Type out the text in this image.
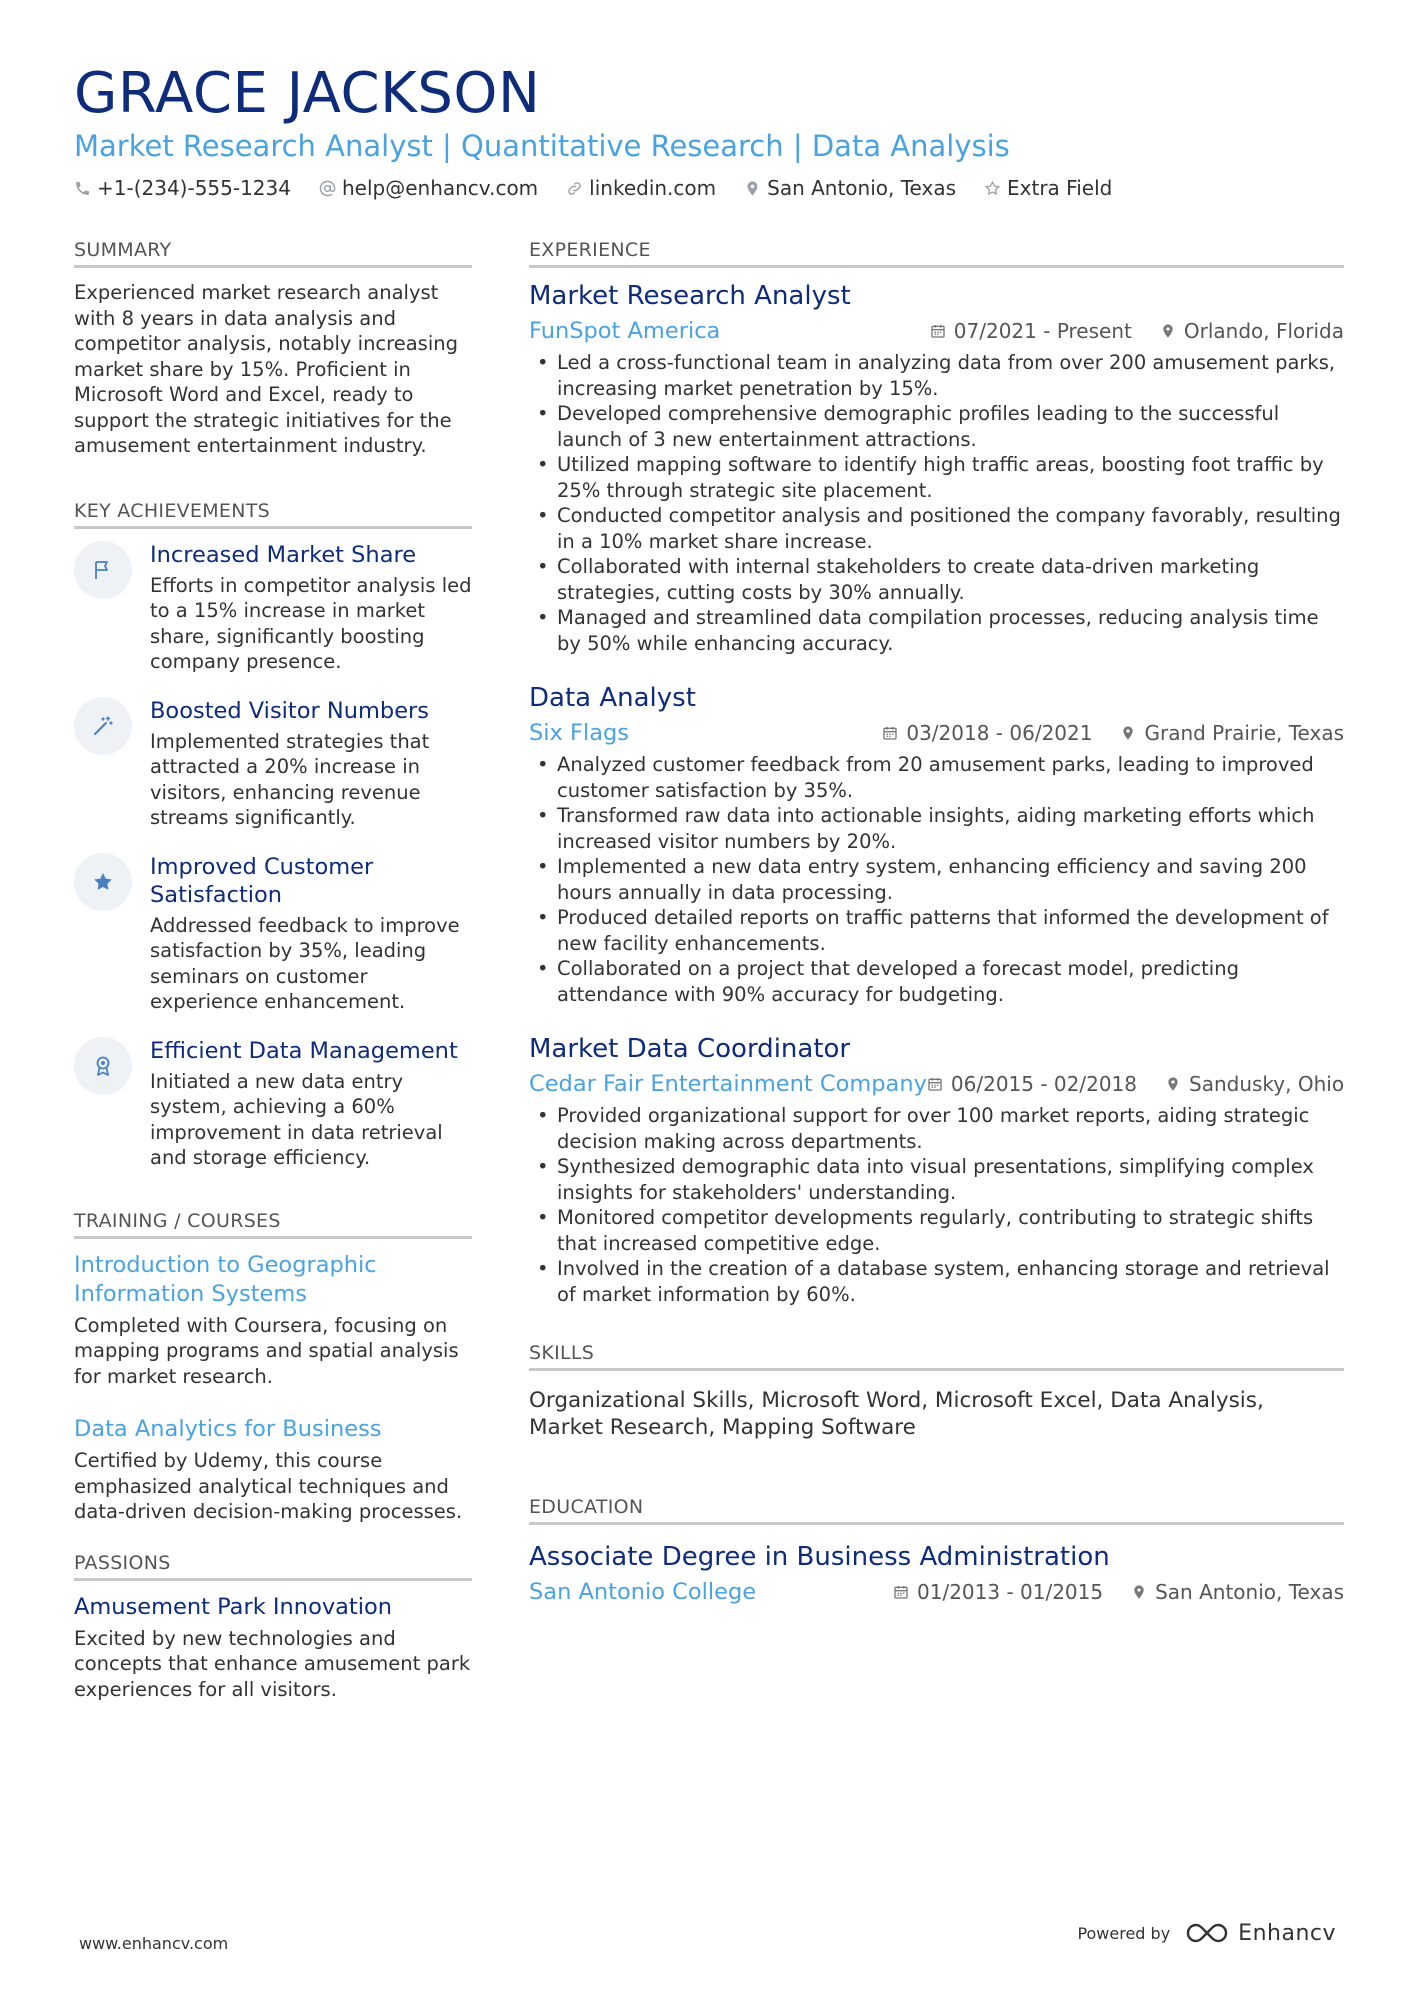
GRACE JACKSON
Market Research Analyst | Quantitative Research | Data Analysis
+1-(234)-555-1234	help@enhancv.com	linkedin.com	San Antonio, Texas	Extra Field
SUMMARY
Experienced market research analyst with 8 years in data analysis and competitor analysis, notably increasing market share by 15%. Proficient in Microsoft Word and Excel, ready to support the strategic initiatives for the amusement entertainment industry.
KEY ACHIEVEMENTS
Increased Market Share
Efforts in competitor analysis led to a 15% increase in market share, significantly boosting company presence.
Boosted Visitor Numbers
Implemented strategies that attracted a 20% increase in visitors, enhancing revenue streams significantly.
Improved Customer Satisfaction
Addressed feedback to improve satisfaction by 35%, leading seminars on customer experience enhancement.
Efficient Data Management
Initiated a new data entry system, achieving a 60% improvement in data retrieval and storage efficiency.
TRAINING / COURSES
Introduction to Geographic Information Systems
Completed with Coursera, focusing on mapping programs and spatial analysis for market research.
Data Analytics for Business
Certified by Udemy, this course emphasized analytical techniques and data-driven decision-making processes.
PASSIONS
Amusement Park Innovation
Excited by new technologies and concepts that enhance amusement park experiences for all visitors.
EXPERIENCE
Market Research Analyst
FunSpot America	07/2021 - Present	Orlando, Florida
• Led a cross-functional team in analyzing data from over 200 amusement parks, increasing market penetration by 15%.
• Developed comprehensive demographic profiles leading to the successful launch of 3 new entertainment attractions.
• Utilized mapping software to identify high traffic areas, boosting foot traffic by 25% through strategic site placement.
• Conducted competitor analysis and positioned the company favorably, resulting in a 10% market share increase.
• Collaborated with internal stakeholders to create data-driven marketing strategies, cutting costs by 30% annually.
• Managed and streamlined data compilation processes, reducing analysis time by 50% while enhancing accuracy.
Data Analyst
Six Flags	03/2018 - 06/2021	Grand Prairie, Texas
• Analyzed customer feedback from 20 amusement parks, leading to improved customer satisfaction by 35%.
• Transformed raw data into actionable insights, aiding marketing efforts which increased visitor numbers by 20%.
• Implemented a new data entry system, enhancing efficiency and saving 200 hours annually in data processing.
• Produced detailed reports on traffic patterns that informed the development of new facility enhancements.
• Collaborated on a project that developed a forecast model, predicting attendance with 90% accuracy for budgeting.
Market Data Coordinator
Cedar Fair Entertainment Company 06/2015 - 02/2018	Sandusky, Ohio
• Provided organizational support for over 100 market reports, aiding strategic decision making across departments.
• Synthesized demographic data into visual presentations, simplifying complex insights for stakeholders' understanding.
• Monitored competitor developments regularly, contributing to strategic shifts that increased competitive edge.
• Involved in the creation of a database system, enhancing storage and retrieval of market information by 60%.
SKILLS
Organizational Skills, Microsoft Word, Microsoft Excel, Data Analysis, Market Research, Mapping Software
EDUCATION
Associate Degree in Business Administration
San Antonio College	01/2013 - 01/2015	San Antonio, Texas
www.enhancv.com
Powered by	Enhancv
